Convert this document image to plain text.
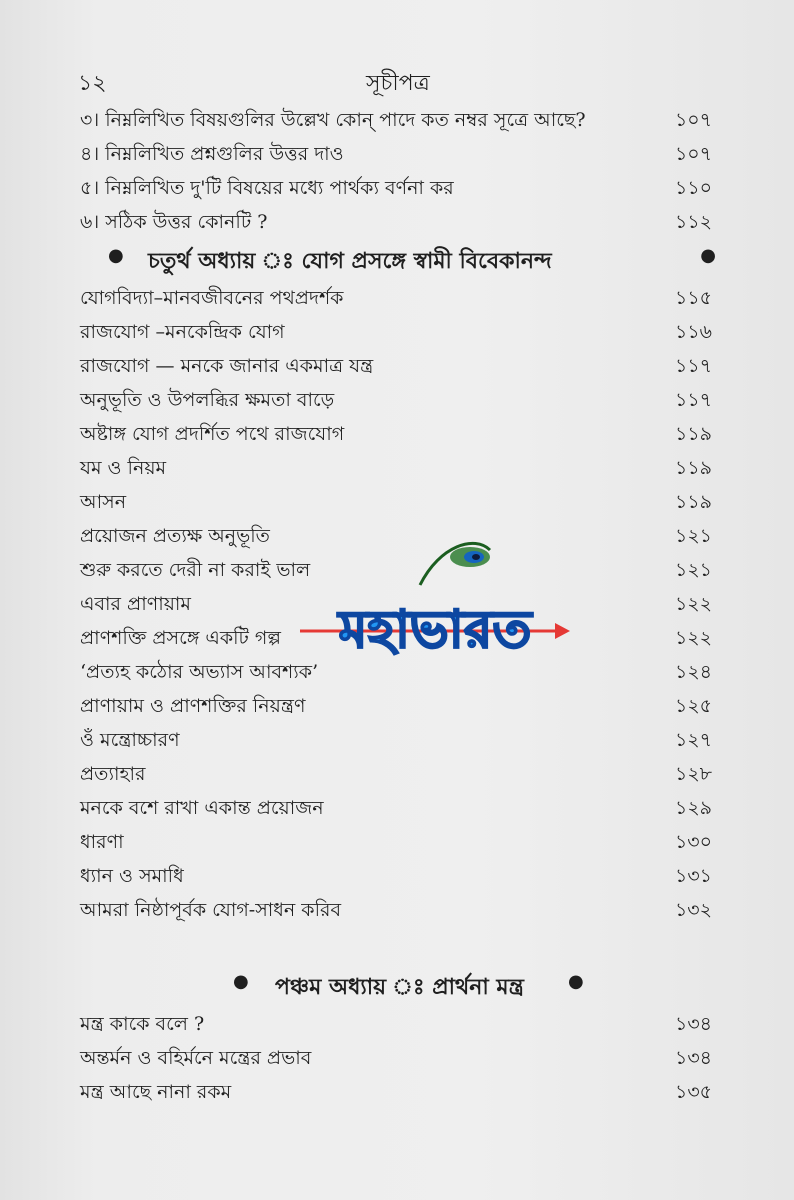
১২	সূচীপত্র
৩। নিম্নলিখিত বিষয়গুলির উল্লেখ কোন্ পাদে কত নম্বর সূত্রে আছে?	১০৭
৪। নিম্নলিখিত প্রশ্নগুলির উত্তর দাও	১০৭
৫। নিম্নলিখিত দু'টি বিষয়ের মধ্যে পার্থক্য বর্ণনা কর	১১০
৬। সঠিক উত্তর কোনটি ?	১১২
● চতুর্থ অধ্যায় ঃ যোগ প্রসঙ্গে স্বামী বিবেকানন্দ	●
যোগবিদ্যা–মানবজীবনের পথপ্রদর্শক	১১৫
রাজযোগ –মনকেন্দ্রিক যোগ	১১৬
রাজযোগ — মনকে জানার একমাত্র যন্ত্র	১১৭
অনুভূতি ও উপলব্ধির ক্ষমতা বাড়ে	১১৭
অষ্টাঙ্গ যোগ প্রদর্শিত পথে রাজযোগ	১১৯
যম ও নিয়ম	১১৯
আসন	১১৯
প্রয়োজন প্রত্যক্ষ অনুভূতি	১২১
শুরু করতে দেরী না করাই ভাল	১২১
এবার প্রাণায়াম	১২২
প্রাণশক্তি প্রসঙ্গে একটি গল্প	১২২
‘প্রত্যহ কঠোর অভ্যাস আবশ্যক’	১২৪
প্রাণায়াম ও প্রাণশক্তির নিয়ন্ত্রণ	১২৫
ওঁ মন্ত্রোচ্চারণ	১২৭
প্রত্যাহার	১২৮
মনকে বশে রাখা একান্ত প্রয়োজন	১২৯
ধারণা	১৩০
ধ্যান ও সমাধি	১৩১
আমরা নিষ্ঠাপূর্বক যোগ-সাধন করিব	১৩২
● পঞ্চম অধ্যায় ঃ প্রার্থনা মন্ত্র ●
মন্ত্র কাকে বলে ?	১৩৪
অন্তর্মন ও বহির্মনে মন্ত্রের প্রভাব	১৩৪
মন্ত্র আছে নানা রকম	১৩৫
মহাভারত
